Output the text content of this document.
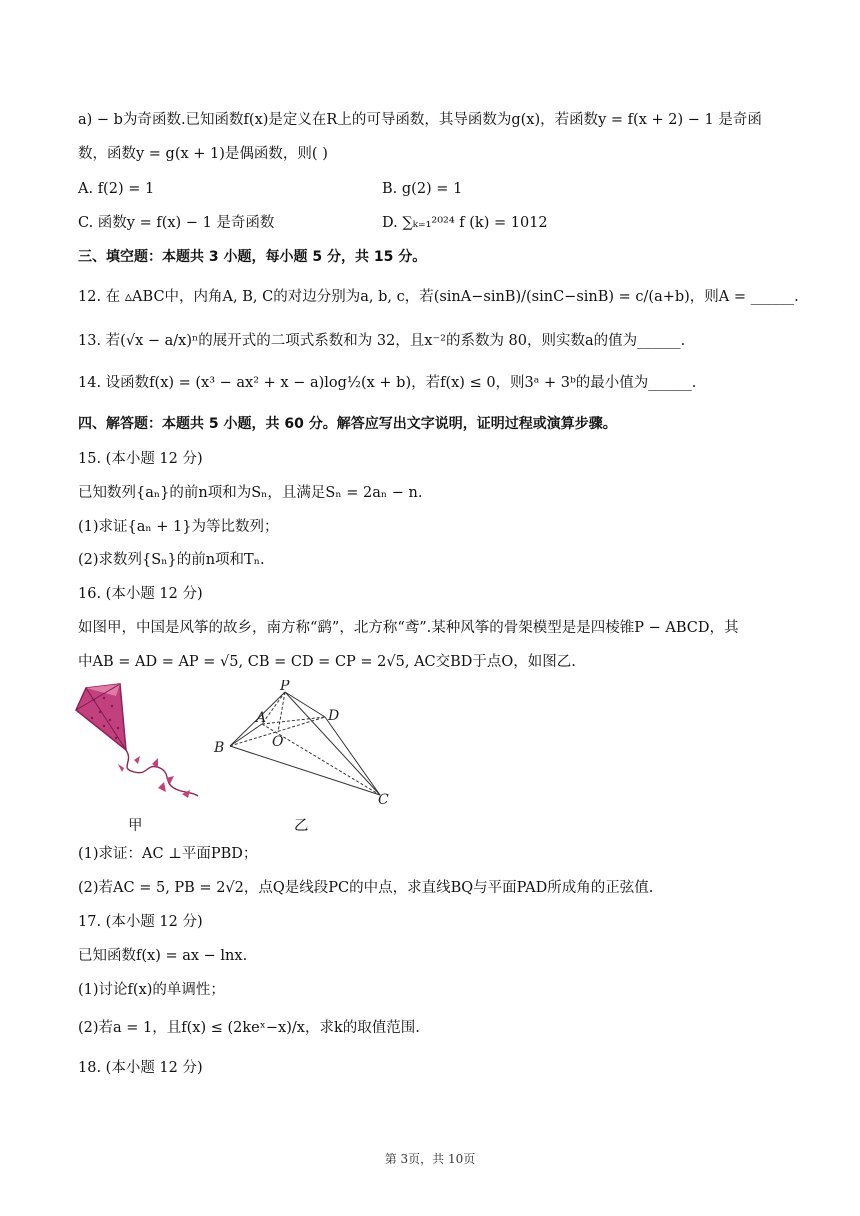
a) − b为奇函数.已知函数f(x)是定义在R上的可导函数，其导函数为g(x)，若函数y = f(x + 2) − 1 是奇函
数，函数y = g(x + 1)是偶函数，则( )
A. f(2) = 1	B. g(2) = 1
C. 函数y = f(x) − 1 是奇函数	D. ∑ₖ₌₁²⁰²⁴ f (k) = 1012
三、填空题：本题共 3 小题，每小题 5 分，共 15 分。
12. 在 ▵ABC中，内角A, B, C的对边分别为a, b, c，若(sinA−sinB)/(sinC−sinB) = c/(a+b)，则A = ______.
13. 若(√x − a/x)ⁿ的展开式的二项式系数和为 32，且x⁻²的系数为 80，则实数a的值为______.
14. 设函数f(x) = (x³ − ax² + x − a)log½(x + b)，若f(x) ≤ 0，则3ᵃ + 3ᵇ的最小值为______.
四、解答题：本题共 5 小题，共 60 分。解答应写出文字说明，证明过程或演算步骤。
15. (本小题 12 分)
已知数列{aₙ}的前n项和为Sₙ，且满足Sₙ = 2aₙ − n.
(1)求证{aₙ + 1}为等比数列；
(2)求数列{Sₙ}的前n项和Tₙ.
16. (本小题 12 分)
如图甲，中国是风筝的故乡，南方称“鹞”，北方称“鸢”.某种风筝的骨架模型是是四棱锥P − ABCD，其
中AB = AD = AP = √5, CB = CD = CP = 2√5, AC交BD于点O，如图乙.
甲
P
A	D
O
B
C
乙
(1)求证：AC ⊥平面PBD；
(2)若AC = 5, PB = 2√2，点Q是线段PC的中点，求直线BQ与平面PAD所成角的正弦值.
17. (本小题 12 分)
已知函数f(x) = ax − lnx.
(1)讨论f(x)的单调性；
(2)若a = 1，且f(x) ≤ (2keˣ−x)/x，求k的取值范围.
18. (本小题 12 分)
第 3页，共 10页
